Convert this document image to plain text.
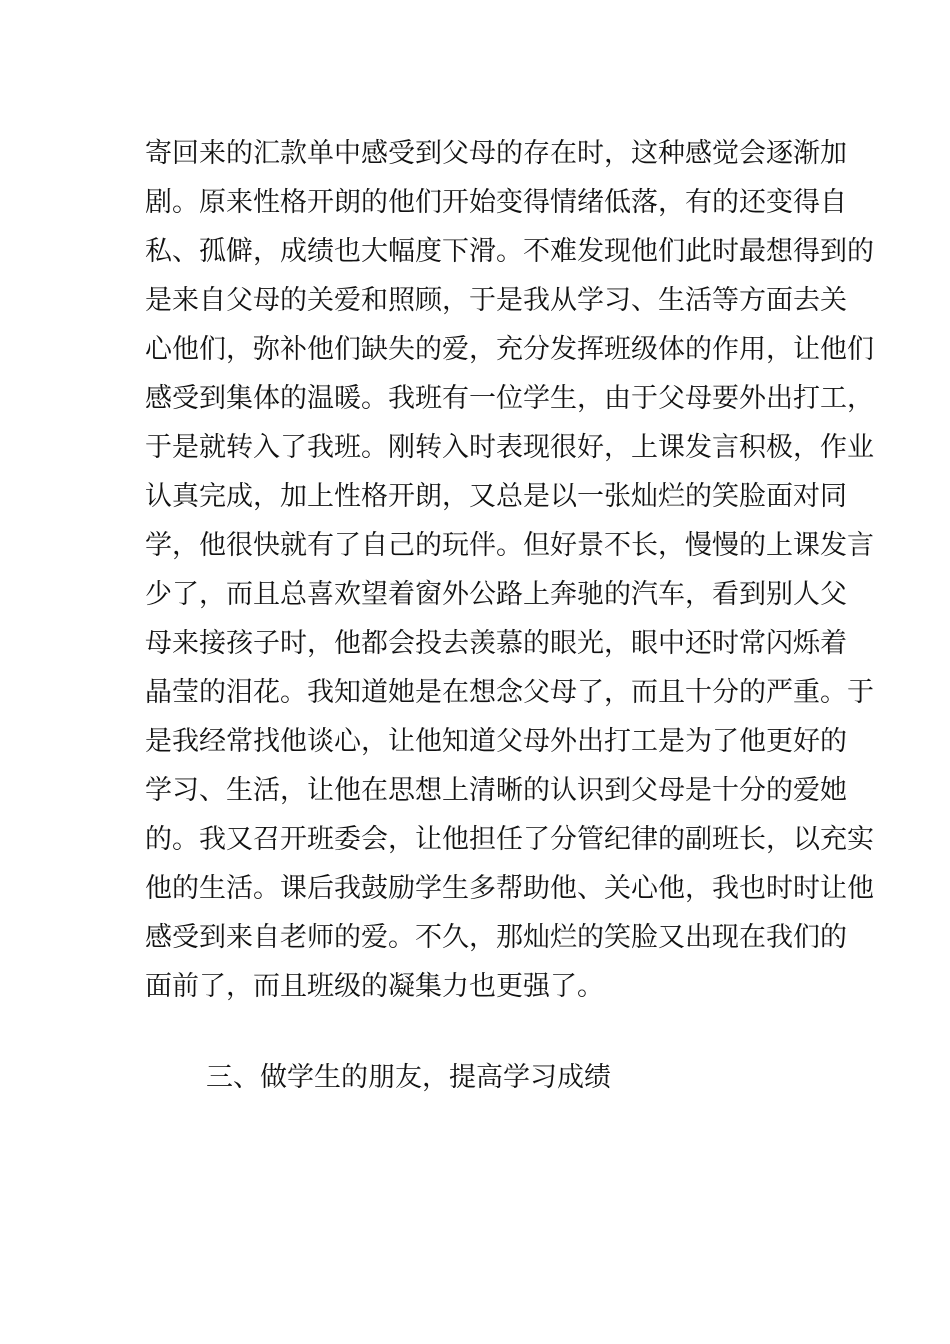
寄回来的汇款单中感受到父母的存在时，这种感觉会逐渐加
剧。原来性格开朗的他们开始变得情绪低落，有的还变得自
私、孤僻，成绩也大幅度下滑。不难发现他们此时最想得到的
是来自父母的关爱和照顾，于是我从学习、生活等方面去关
心他们，弥补他们缺失的爱，充分发挥班级体的作用，让他们
感受到集体的温暖。我班有一位学生，由于父母要外出打工，
于是就转入了我班。刚转入时表现很好，上课发言积极，作业
认真完成，加上性格开朗，又总是以一张灿烂的笑脸面对同
学，他很快就有了自己的玩伴。但好景不长，慢慢的上课发言
少了，而且总喜欢望着窗外公路上奔驰的汽车，看到别人父
母来接孩子时，他都会投去羡慕的眼光，眼中还时常闪烁着
晶莹的泪花。我知道她是在想念父母了，而且十分的严重。于
是我经常找他谈心，让他知道父母外出打工是为了他更好的
学习、生活，让他在思想上清晰的认识到父母是十分的爱她
的。我又召开班委会，让他担任了分管纪律的副班长，以充实
他的生活。课后我鼓励学生多帮助他、关心他，我也时时让他
感受到来自老师的爱。不久，那灿烂的笑脸又出现在我们的
面前了，而且班级的凝集力也更强了。
三、做学生的朋友，提高学习成绩
